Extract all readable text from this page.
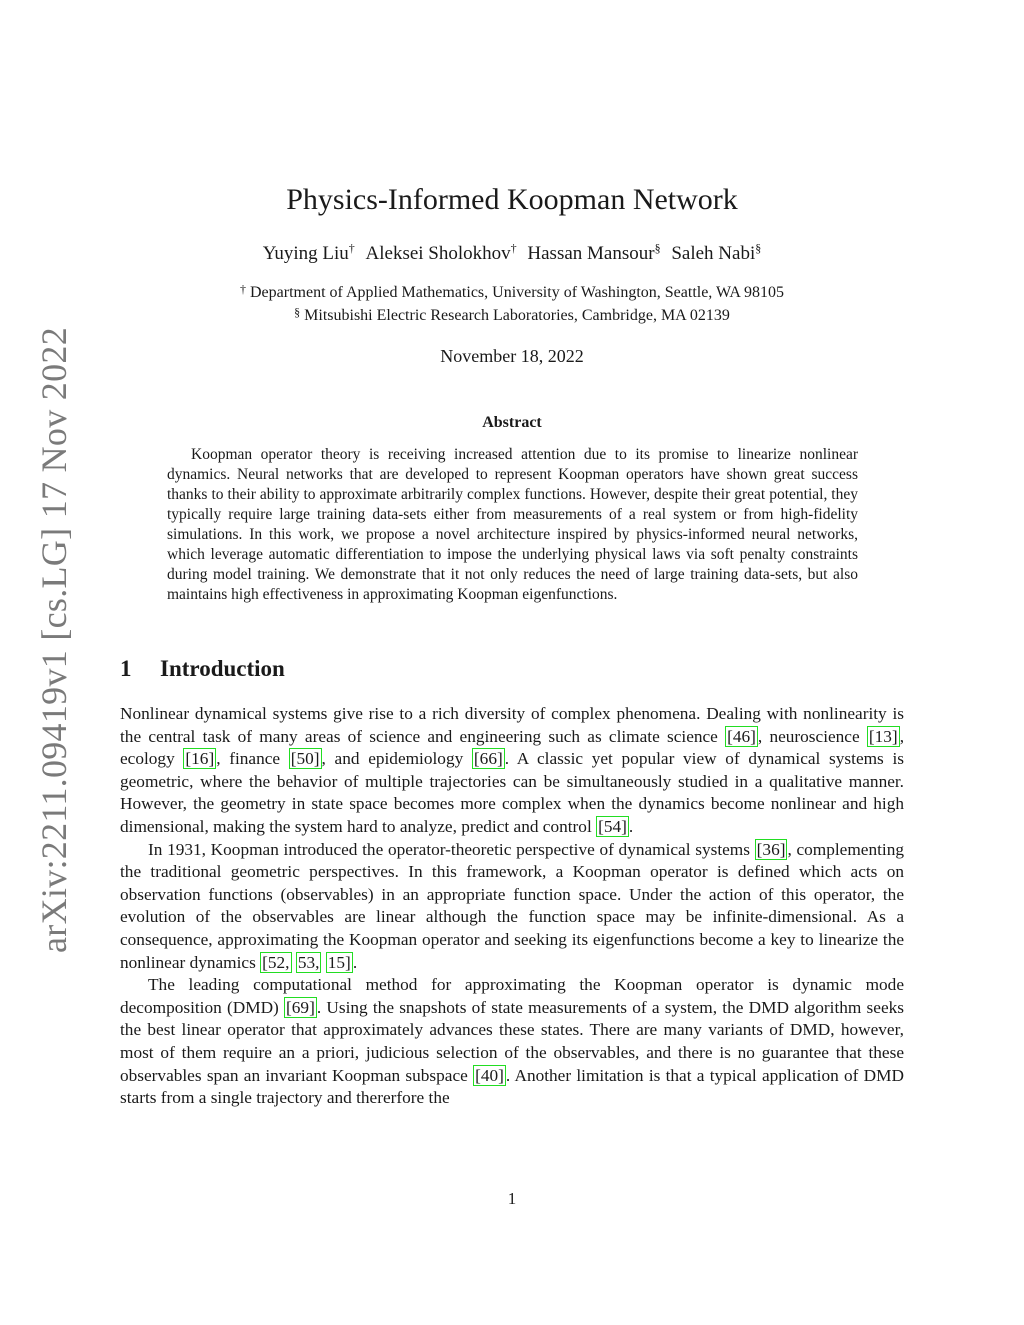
arXiv:2211.09419v1 [cs.LG] 17 Nov 2022
Physics-Informed Koopman Network
Yuying Liu† Aleksei Sholokhov† Hassan Mansour§ Saleh Nabi§
† Department of Applied Mathematics, University of Washington, Seattle, WA 98105
§ Mitsubishi Electric Research Laboratories, Cambridge, MA 02139
November 18, 2022
Abstract

Koopman operator theory is receiving increased attention due to its promise to linearize nonlinear dynamics. Neural networks that are developed to represent Koopman operators have shown great success thanks to their ability to approximate arbitrarily complex functions. However, despite their great potential, they typically require large training data-sets either from measurements of a real system or from high-fidelity simulations. In this work, we propose a novel architecture inspired by physics-informed neural networks, which leverage automatic differentiation to impose the underlying physical laws via soft penalty constraints during model training. We demonstrate that it not only reduces the need of large training data-sets, but also maintains high effectiveness in approximating Koopman eigenfunctions.

1 Introduction

Nonlinear dynamical systems give rise to a rich diversity of complex phenomena. Dealing with nonlinearity is the central task of many areas of science and engineering such as climate science [46] , neuroscience [13] , ecology [16] , finance [50] , and epidemiology [66] . A classic yet popular view of dynamical systems is geometric, where the behavior of multiple trajectories can be simultaneously studied in a qualitative manner. However, the geometry in state space becomes more complex when the dynamics become nonlinear and high dimensional, making the system hard to analyze, predict and control [54] .

In 1931, Koopman introduced the operator-theoretic perspective of dynamical systems [36] , complementing the traditional geometric perspectives. In this framework, a Koopman operator is defined which acts on observation functions (observables) in an appropriate function space. Under the action of this operator, the evolution of the observables are linear although the function space may be infinite-dimensional. As a consequence, approximating the Koopman operator and seeking its eigenfunctions become a key to linearize the nonlinear dynamics [52, 53, 15] .

The leading computational method for approximating the Koopman operator is dynamic mode decomposition (DMD) [69] . Using the snapshots of state measurements of a system, the DMD algorithm seeks the best linear operator that approximately advances these states. There are many variants of DMD, however, most of them require an a priori, judicious selection of the observables, and there is no guarantee that these observables span an invariant Koopman subspace [40] . Another limitation is that a typical application of DMD starts from a single trajectory and thererfore the

1
